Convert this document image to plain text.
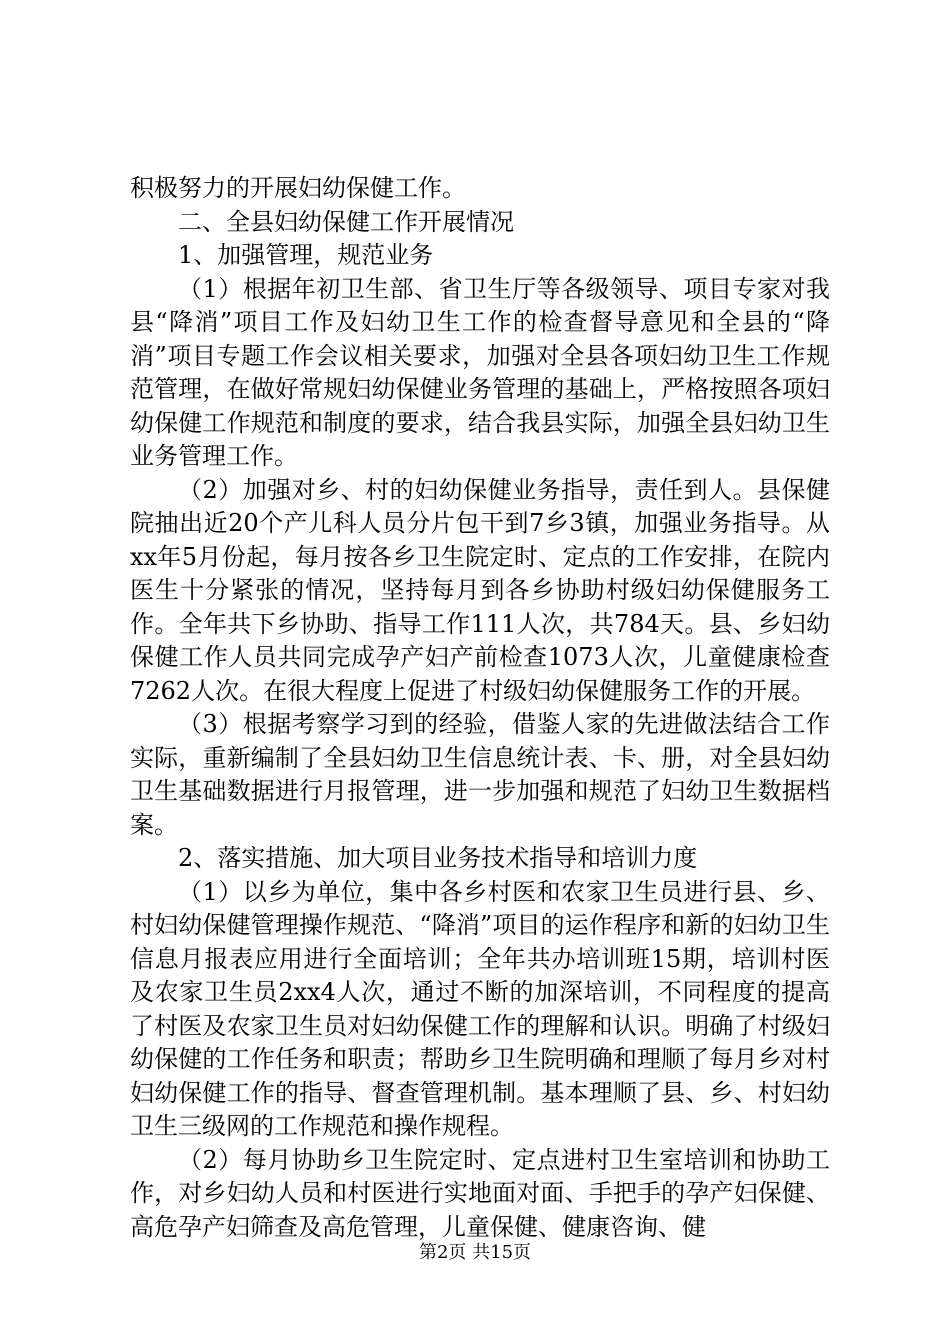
积极努力的开展妇幼保健工作。

二、全县妇幼保健工作开展情况

1、加强管理，规范业务

（1）根据年初卫生部、省卫生厅等各级领导、项目专家对我县“降消”项目工作及妇幼卫生工作的检查督导意见和全县的“降消”项目专题工作会议相关要求，加强对全县各项妇幼卫生工作规范管理，在做好常规妇幼保健业务管理的基础上，严格按照各项妇幼保健工作规范和制度的要求，结合我县实际，加强全县妇幼卫生业务管理工作。

（2）加强对乡、村的妇幼保健业务指导，责任到人。县保健院抽出近20个产儿科人员分片包干到7乡3镇，加强业务指导。从xx年5月份起，每月按各乡卫生院定时、定点的工作安排，在院内医生十分紧张的情况，坚持每月到各乡协助村级妇幼保健服务工作。全年共下乡协助、指导工作111人次，共784天。县、乡妇幼保健工作人员共同完成孕产妇产前检查1073人次，儿童健康检查7262人次。在很大程度上促进了村级妇幼保健服务工作的开展。

（3）根据考察学习到的经验，借鉴人家的先进做法结合工作实际，重新编制了全县妇幼卫生信息统计表、卡、册，对全县妇幼卫生基础数据进行月报管理，进一步加强和规范了妇幼卫生数据档案。

2、落实措施、加大项目业务技术指导和培训力度

（1）以乡为单位，集中各乡村医和农家卫生员进行县、乡、村妇幼保健管理操作规范、“降消”项目的运作程序和新的妇幼卫生信息月报表应用进行全面培训；全年共办培训班15期，培训村医及农家卫生员2xx4人次，通过不断的加深培训，不同程度的提高了村医及农家卫生员对妇幼保健工作的理解和认识。明确了村级妇幼保健的工作任务和职责；帮助乡卫生院明确和理顺了每月乡对村妇幼保健工作的指导、督查管理机制。基本理顺了县、乡、村妇幼卫生三级网的工作规范和操作规程。

（2）每月协助乡卫生院定时、定点进村卫生室培训和协助工作，对乡妇幼人员和村医进行实地面对面、手把手的孕产妇保健、高危孕产妇筛查及高危管理，儿童保健、健康咨询、健

第2页 共15页
